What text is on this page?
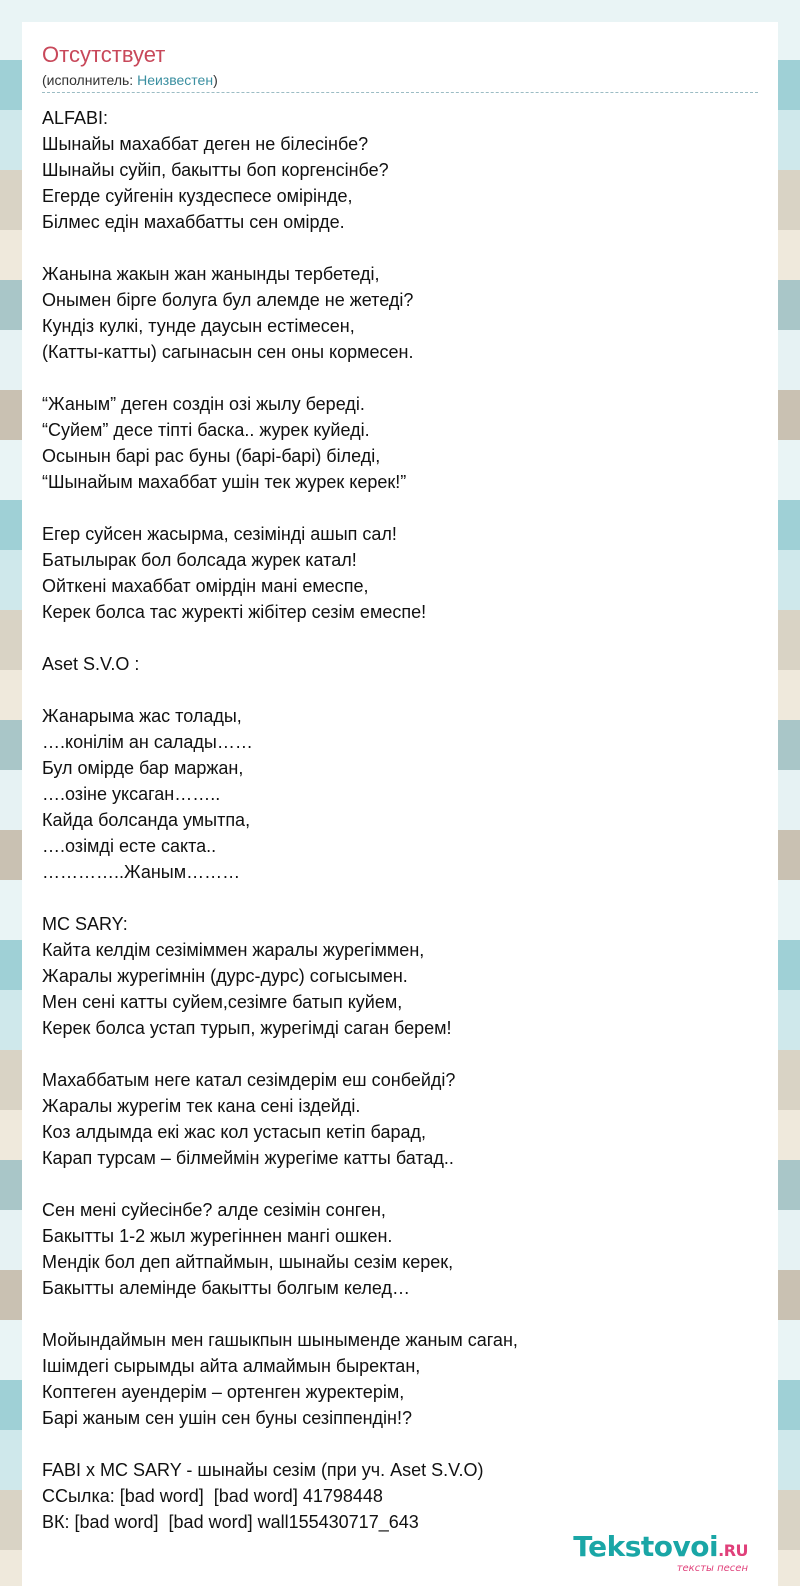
Отсутствует
(исполнитель: Неизвестен)
ALFABI:
Шынайы махаббат деген не білесінбе?
Шынайы суйіп, бакытты боп коргенсінбе?
Егерде суйгенін куздеспесе омірінде,
Білмес едін махаббатты сен омірде.
Жанына жакын жан жанынды тербетеді,
Онымен бірге болуга бул алемде не жетеді?
Кундіз кулкі, тунде даусын естімесен,
(Катты-катты) сагынасын сен оны кормесен.
“Жаным” деген создін озі жылу береді.
“Суйем” десе тіпті баска.. журек куйеді.
Осынын барі рас буны (барі-барі) біледі,
“Шынайым махаббат ушін тек журек керек!”
Егер суйсен жасырма, сезімінді ашып сал!
Батылырак бол болсада журек катал!
Ойткені махаббат омірдін мані емеспе,
Керек болса тас журекті жібітер сезім емеспе!
Aset S.V.O :
Жанарыма жас толады,
….конілім ан салады……
Бул омірде бар маржан,
….озіне уксаган……..
Кайда болсанда умытпа,
….озімді есте сакта..
…………..Жаным………
MC SARY:
Кайта келдім сезіміммен жаралы журегіммен,
Жаралы журегімнін (дурс-дурс) согысымен.
Мен сені катты суйем,сезімге батып куйем,
Керек болса устап турып, журегімді саган берем!
Махаббатым неге катал сезімдерім еш сонбейді?
Жаралы журегім тек кана сені іздейді.
Коз алдымда екі жас кол устасып кетіп барад,
Карап турсам – білмеймін журегіме катты батад..
Сен мені суйесінбе? алде сезімін сонген,
Бакытты 1-2 жыл журегіннен мангі ошкен.
Мендік бол деп айтпаймын, шынайы сезім керек,
Бакытты алемінде бакытты болгым келед…
Мойындаймын мен гашыкпын шыныменде жаным саган,
Ішімдегі сырымды айта алмаймын быректан,
Коптеген ауендерім – ортенген журектерім,
Барі жаным сен ушін сен буны сезіппендін!?
FABI x MC SARY - шынайы сезім (при уч. Aset S.V.O)
ССылка: [bad word]  [bad word] 41798448
ВК: [bad word]  [bad word] wall155430717_643
Tekstovoi.RU
тексты песен
